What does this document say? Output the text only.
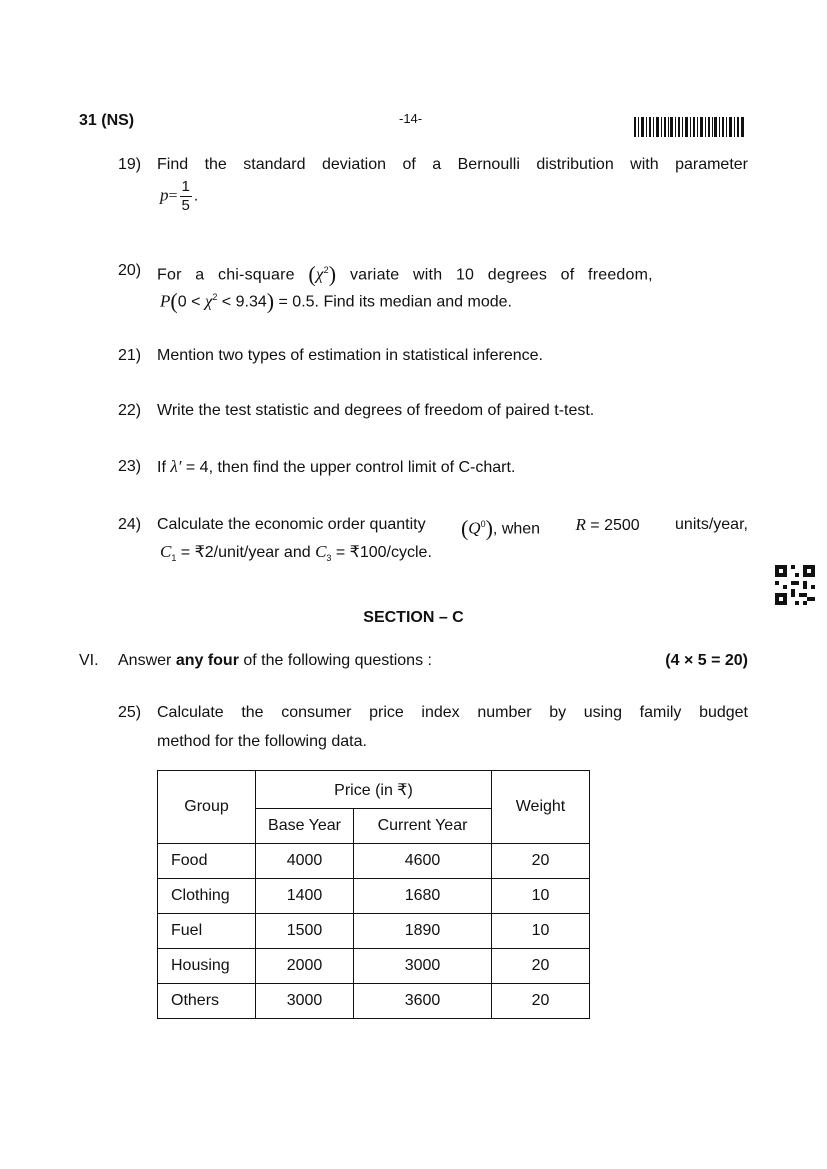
31 (NS)	-14-
19) Find the standard deviation of a Bernoulli distribution with parameter
$p= \frac{1}{5}$ .
20) For a chi-square $(\chi^2)$ variate with 10 degrees of freedom,
$P(0 < \chi^2 < 9.34) = 0.5$. Find its median and mode.
21) Mention two types of estimation in statistical inference.
22) Write the test statistic and degrees of freedom of paired t-test.
23) If λ′ = 4, then find the upper control limit of C-chart.
24) Calculate the economic order quantity $(Q^0)$, when R = 2500 units/year,
$C_1$ = ₹2/unit/year and $C_3$ = ₹100/cycle.
SECTION – C
VI. Answer any four of the following questions :	(4 × 5 = 20)
25) Calculate the consumer price index number by using family budget
method for the following data.
Group	Price (in ₹)		Weight
	Base Year	Current Year	
Food	4000	4600	20
Clothing	1400	1680	10
Fuel	1500	1890	10
Housing	2000	3000	20
Others	3000	3600	20
